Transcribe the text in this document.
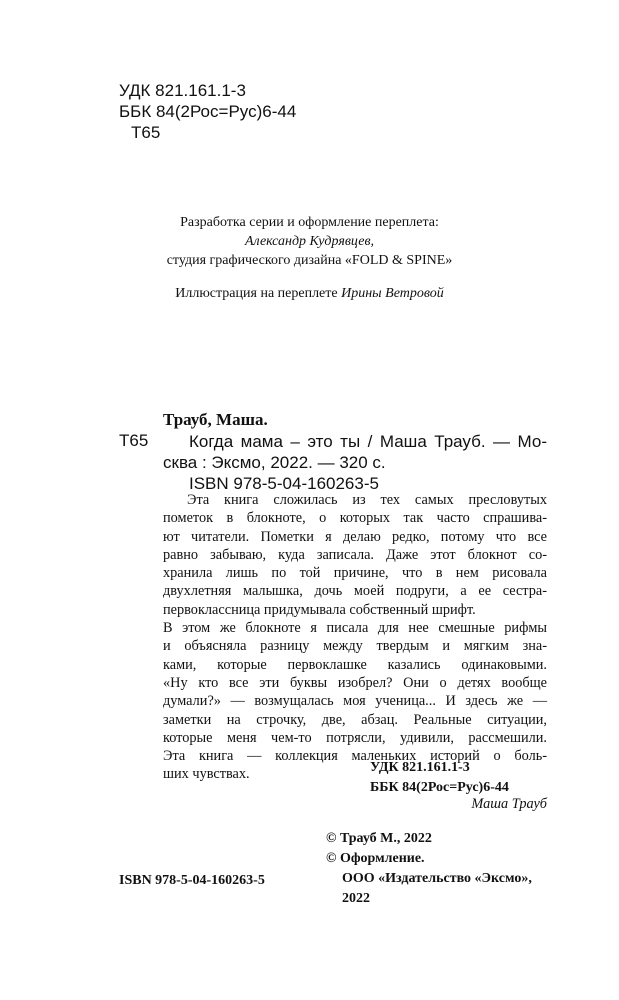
УДК 821.161.1-3
ББК 84(2Рос=Рус)6-44
Т65
Разработка серии и оформление переплета:
Александр Кудрявцев,
студия графического дизайна «FOLD & SPINE»
Иллюстрация на переплете Ирины Ветровой
Трауб, Маша.
Т65 Когда мама – это ты / Маша Трауб. — Мо-
сква : Эксмо, 2022. — 320 с.
ISBN 978-5-04-160263-5
Эта книга сложилась из тех самых пресловутых
пометок в блокноте, о которых так часто спрашива-
ют читатели. Пометки я делаю редко, потому что все
равно забываю, куда записала. Даже этот блокнот со-
хранила лишь по той причине, что в нем рисовала
двухлетняя малышка, дочь моей подруги, а ее сестра-
первоклассница придумывала собственный шрифт.
В этом же блокноте я писала для нее смешные рифмы
и объясняла разницу между твердым и мягким зна-
ками, которые первоклашке казались одинаковыми.
«Ну кто все эти буквы изобрел? Они о детях вообще
думали?» — возмущалась моя ученица... И здесь же —
заметки на строчку, две, абзац. Реальные ситуации,
которые меня чем-то потрясли, удивили, рассмешили.
Эта книга — коллекция маленьких историй о боль-
ших чувствах.
Маша Трауб
УДК 821.161.1-3
ББК 84(2Рос=Рус)6-44
© Трауб М., 2022
© Оформление.
ООО «Издательство «Эксмо»,
2022
ISBN 978-5-04-160263-5
